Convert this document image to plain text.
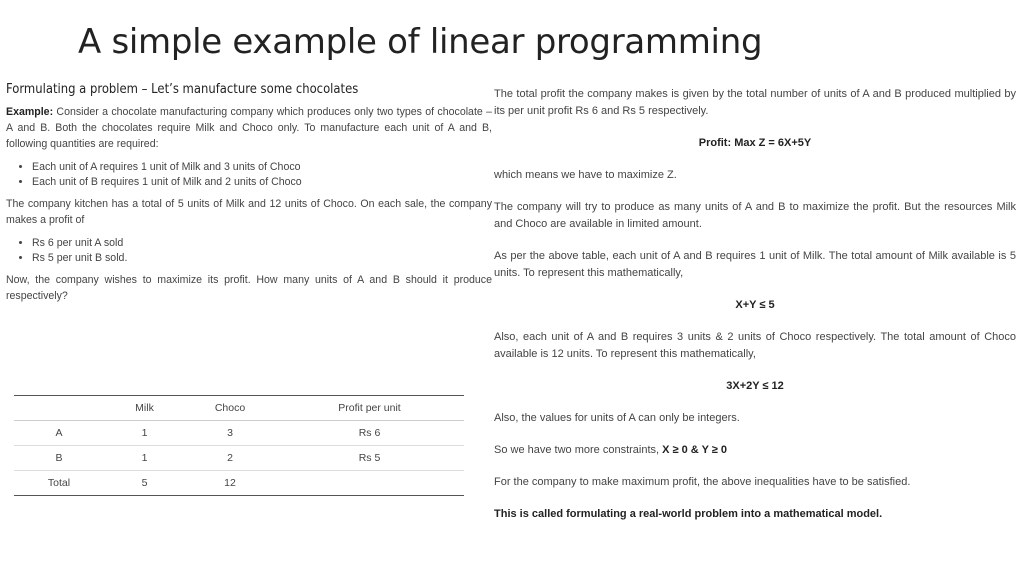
A simple example of linear programming
Formulating a problem – Let’s manufacture some chocolates

Example: Consider a chocolate manufacturing company which produces only two types of chocolate – A and B. Both the chocolates require Milk and Choco only. To manufacture each unit of A and B, following quantities are required:

• Each unit of A requires 1 unit of Milk and 3 units of Choco
• Each unit of B requires 1 unit of Milk and 2 units of Choco

The company kitchen has a total of 5 units of Milk and 12 units of Choco. On each sale, the company makes a profit of

• Rs 6 per unit A sold
• Rs 5 per unit B sold.

Now, the company wishes to maximize its profit. How many units of A and B should it produce respectively?

	Milk	Choco	Profit per unit
A	1	3	Rs 6
B	1	2	Rs 5
Total	5	12	

The total profit the company makes is given by the total number of units of A and B produced multiplied by its per unit profit Rs 6 and Rs 5 respectively.

Profit: Max Z = 6X+5Y

which means we have to maximize Z.

The company will try to produce as many units of A and B to maximize the profit. But the resources Milk and Choco are available in limited amount.

As per the above table, each unit of A and B requires 1 unit of Milk. The total amount of Milk available is 5 units. To represent this mathematically,

X+Y ≤ 5

Also, each unit of A and B requires 3 units & 2 units of Choco respectively. The total amount of Choco available is 12 units. To represent this mathematically,

3X+2Y ≤ 12

Also, the values for units of A can only be integers.

So we have two more constraints, X ≥ 0 & Y ≥ 0

For the company to make maximum profit, the above inequalities have to be satisfied.

This is called formulating a real-world problem into a mathematical model.
